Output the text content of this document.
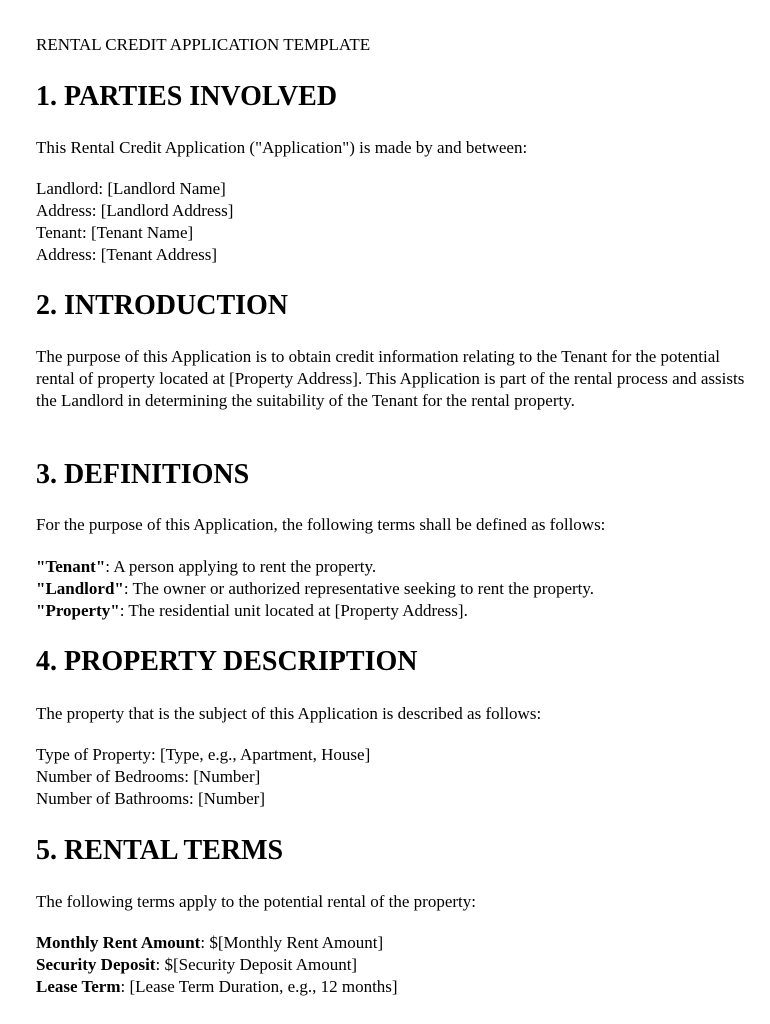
RENTAL CREDIT APPLICATION TEMPLATE
1. PARTIES INVOLVED
This Rental Credit Application ("Application") is made by and between:
Landlord: [Landlord Name]
Address: [Landlord Address]
Tenant: [Tenant Name]
Address: [Tenant Address]
2. INTRODUCTION
The purpose of this Application is to obtain credit information relating to the Tenant for the potential rental of property located at [Property Address]. This Application is part of the rental process and assists the Landlord in determining the suitability of the Tenant for the rental property.
3. DEFINITIONS
For the purpose of this Application, the following terms shall be defined as follows:
"Tenant": A person applying to rent the property.
"Landlord": The owner or authorized representative seeking to rent the property.
"Property": The residential unit located at [Property Address].
4. PROPERTY DESCRIPTION
The property that is the subject of this Application is described as follows:
Type of Property: [Type, e.g., Apartment, House]
Number of Bedrooms: [Number]
Number of Bathrooms: [Number]
5. RENTAL TERMS
The following terms apply to the potential rental of the property:
Monthly Rent Amount: $[Monthly Rent Amount]
Security Deposit: $[Security Deposit Amount]
Lease Term: [Lease Term Duration, e.g., 12 months]
